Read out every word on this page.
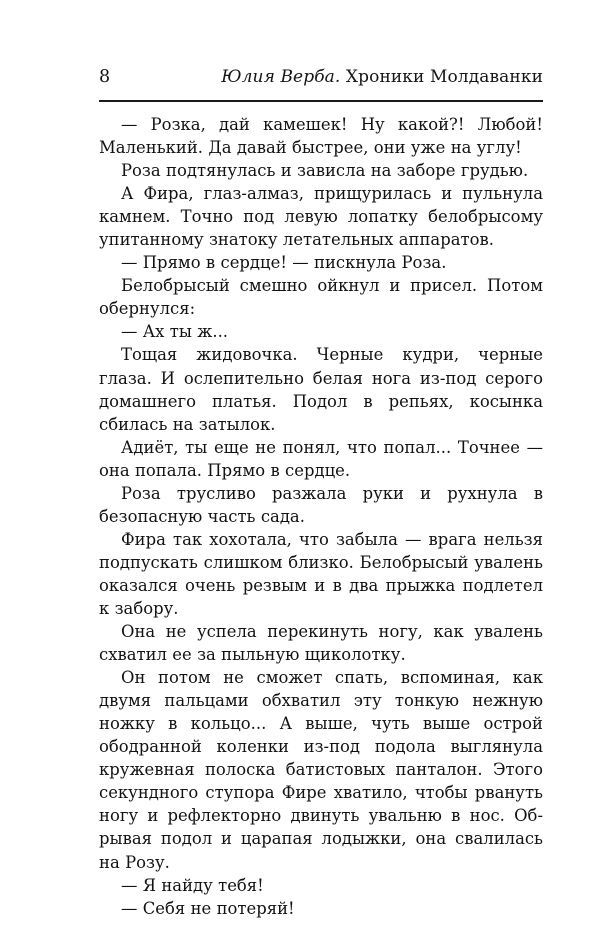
8	Юлия Верба. Хроники Молдаванки

— Розка, дай камешек! Ну какой?! Любой! Маленький. Да давай быстрее, они уже на углу!

Роза подтянулась и зависла на заборе грудью.

А Фира, глаз-алмаз, прищурилась и пульнула камнем. Точно под левую лопатку белобрысому упитанному знатоку летательных аппаратов.

— Прямо в сердце! — пискнула Роза.

Белобрысый смешно ойкнул и присел. Потом обернулся:

— Ах ты ж...

Тощая жидовочка. Черные кудри, черные глаза. И ослепительно белая нога из-под серого домашнего платья. Подол в репьях, косынка сбилась на затылок.

Адиёт, ты еще не понял, что попал... Точнее — она попала. Прямо в сердце.

Роза трусливо разжала руки и рухнула в безопасную часть сада.

Фира так хохотала, что забыла — врага нельзя подпускать слишком близко. Белобрысый увалень оказался очень резвым и в два прыжка подлетел к забору.

Она не успела перекинуть ногу, как увалень схватил ее за пыльную щиколотку.

Он потом не сможет спать, вспоминая, как двумя пальцами обхватил эту тонкую нежную ножку в кольцо... А выше, чуть выше острой ободранной коленки из-под подола выглянула кружевная полоска батистовых панталон. Этого секундного ступора Фире хватило, чтобы рвануть ногу и рефлекторно двинуть увальню в нос. Обрывая подол и царапая лодыжки, она свалилась на Розу.

— Я найду тебя!

— Себя не потеряй!
